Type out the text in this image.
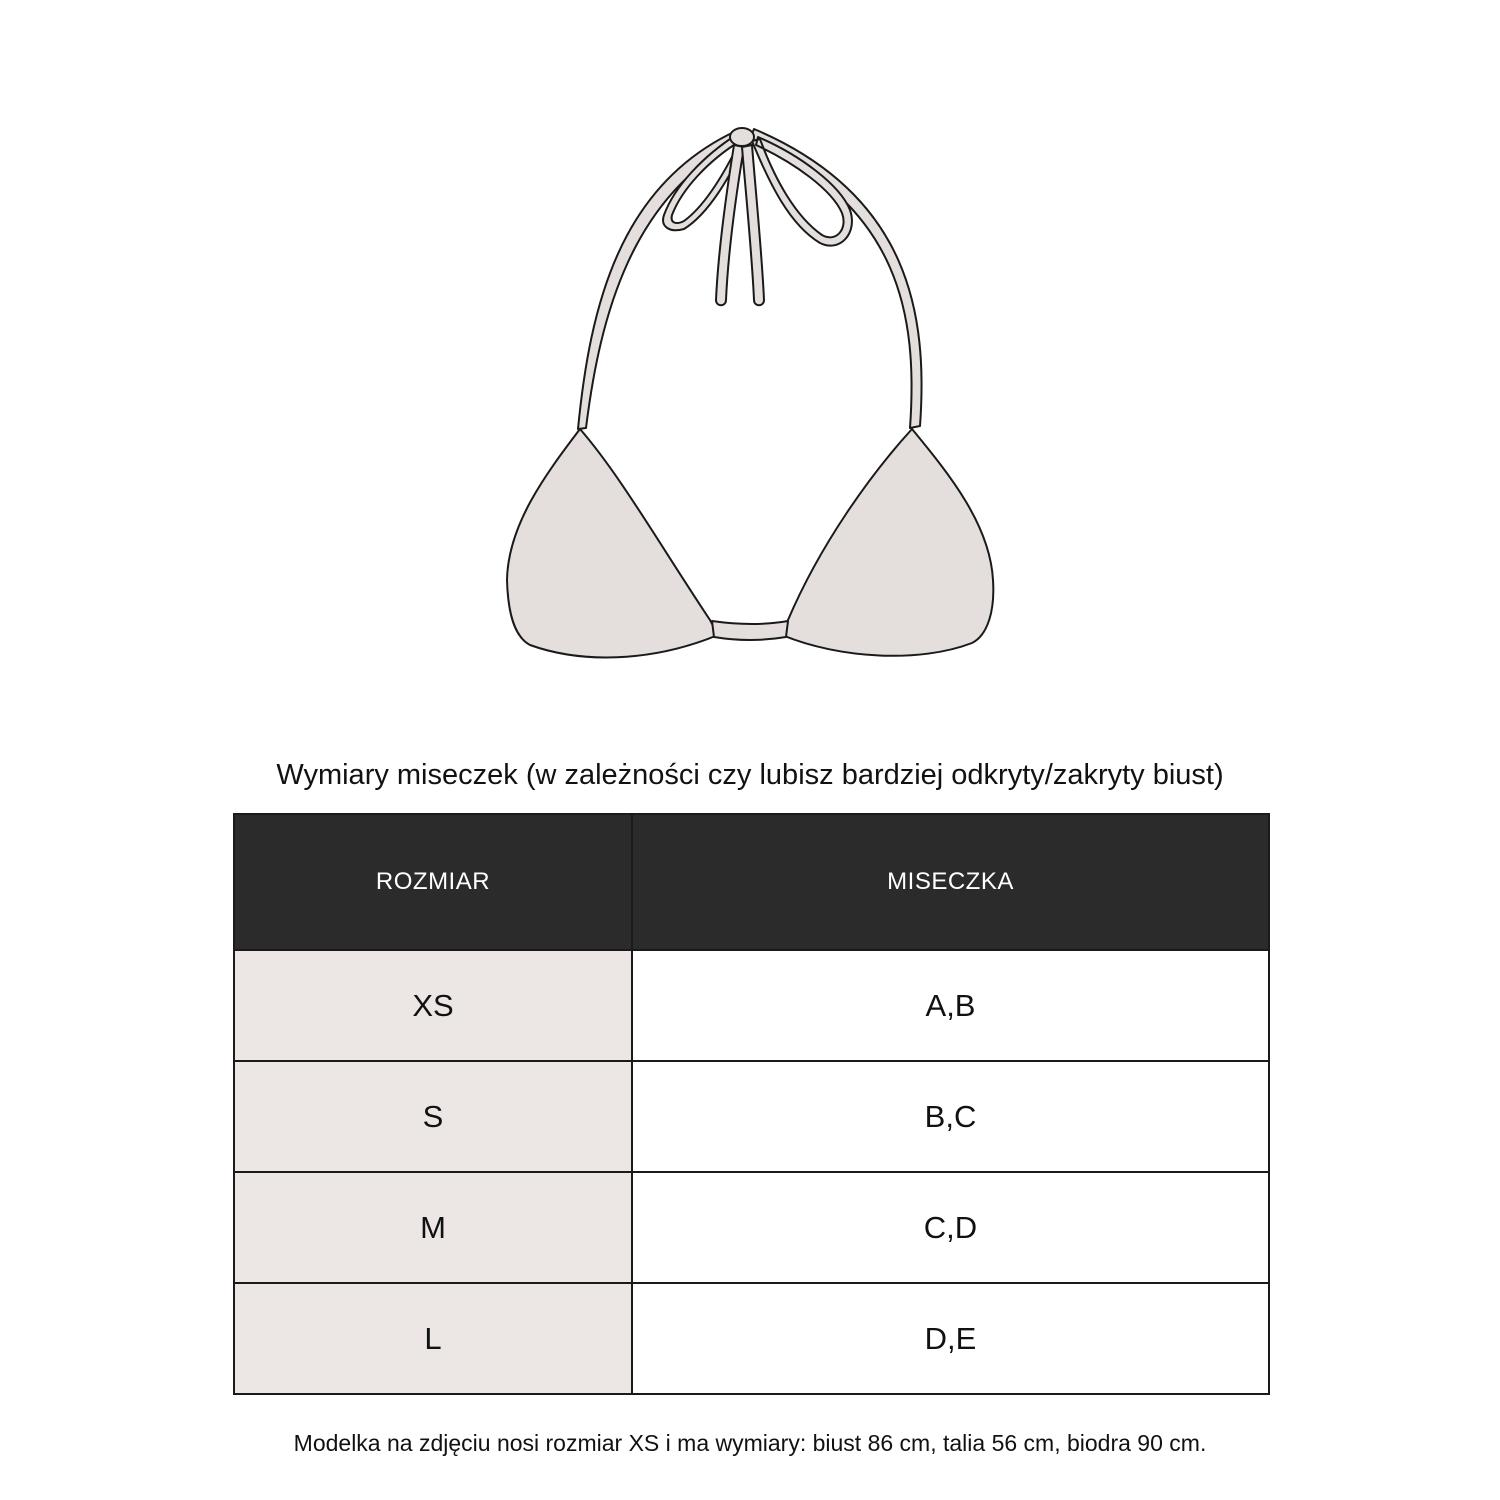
Wymiary miseczek (w zależności czy lubisz bardziej odkryty/zakryty biust)
ROZMIAR	MISECZKA
XS	A,B
S	B,C
M	C,D
L	D,E
Modelka na zdjęciu nosi rozmiar XS i ma wymiary: biust 86 cm, talia 56 cm, biodra 90 cm.
